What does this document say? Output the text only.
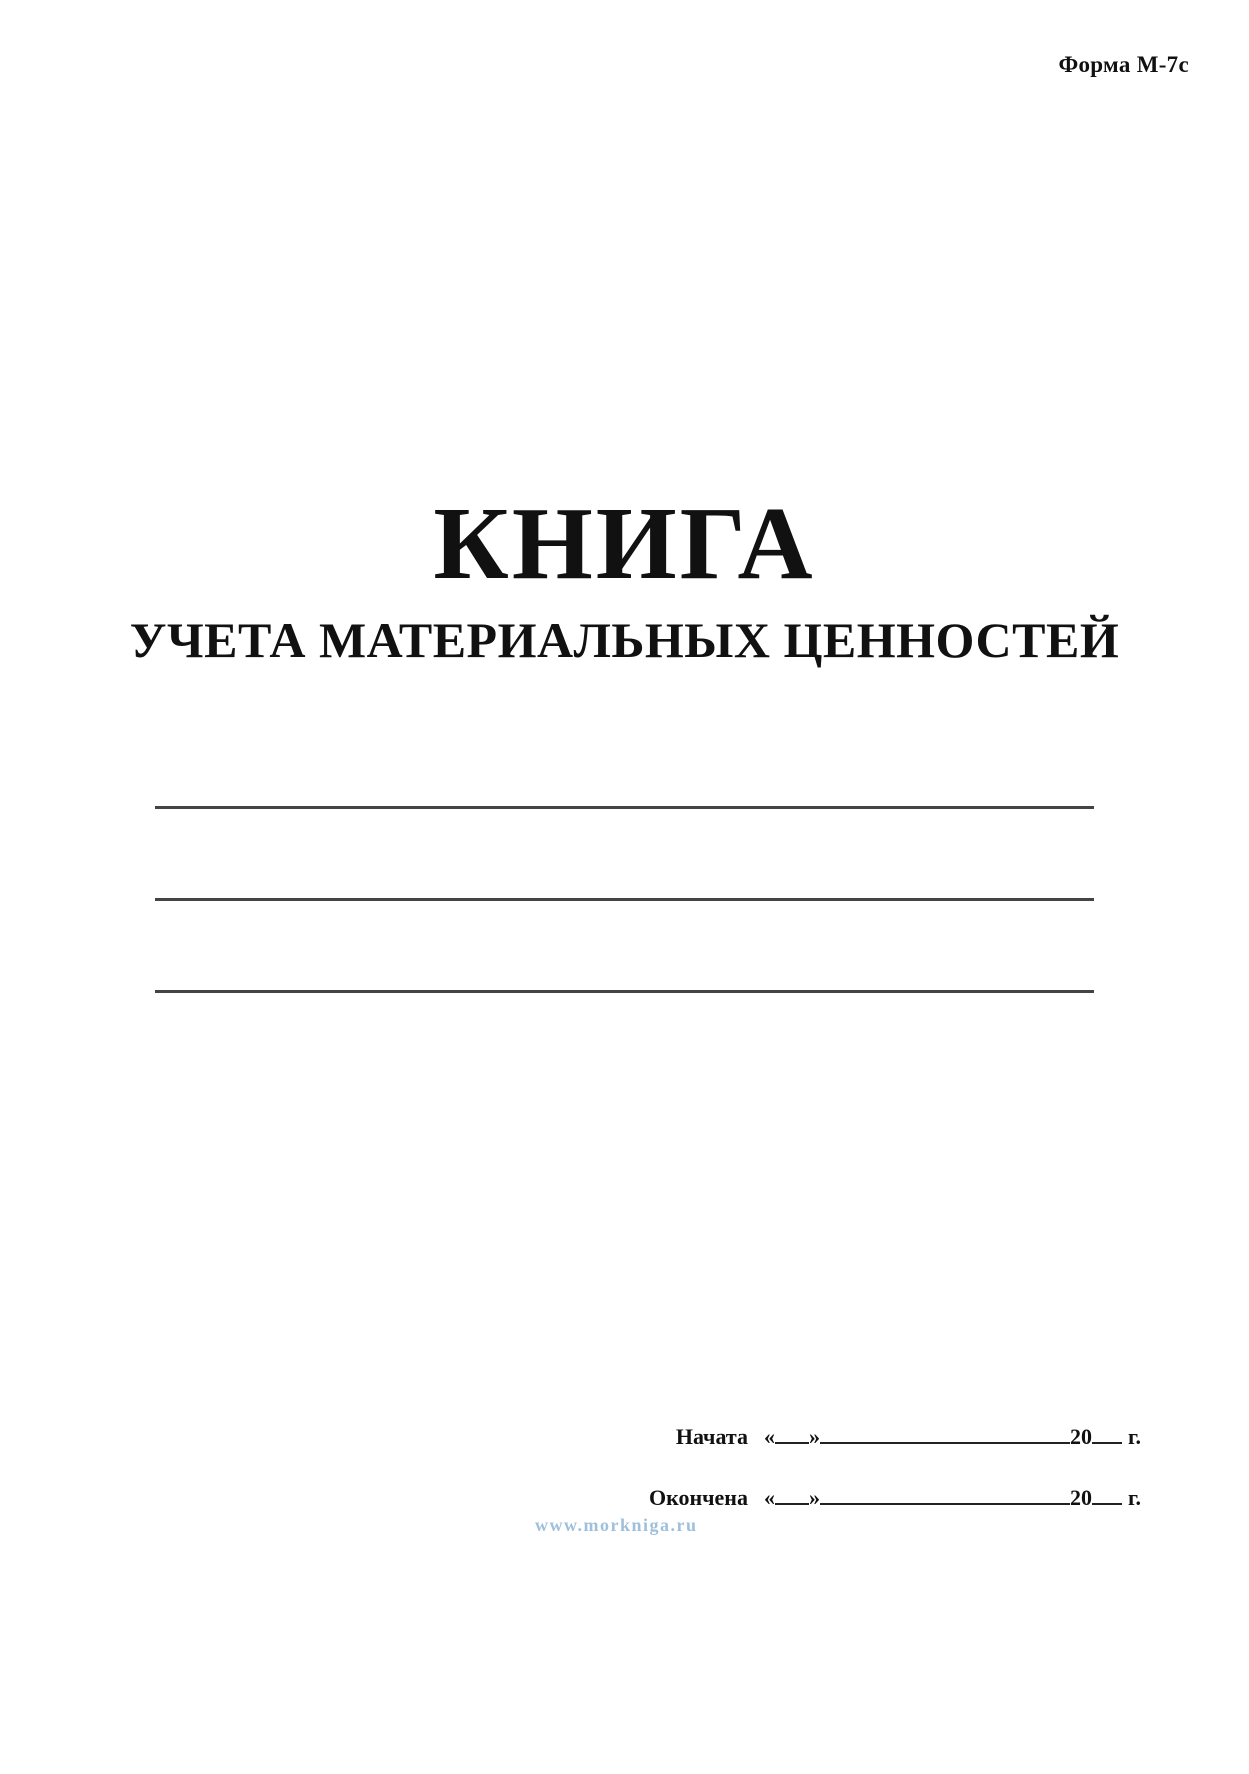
Форма М-7с
КНИГА
УЧЕТА МАТЕРИАЛЬНЫХ ЦЕННОСТЕЙ
Начата « »	20 г.
Окончена « »	20 г.
www.morkniga.ru
